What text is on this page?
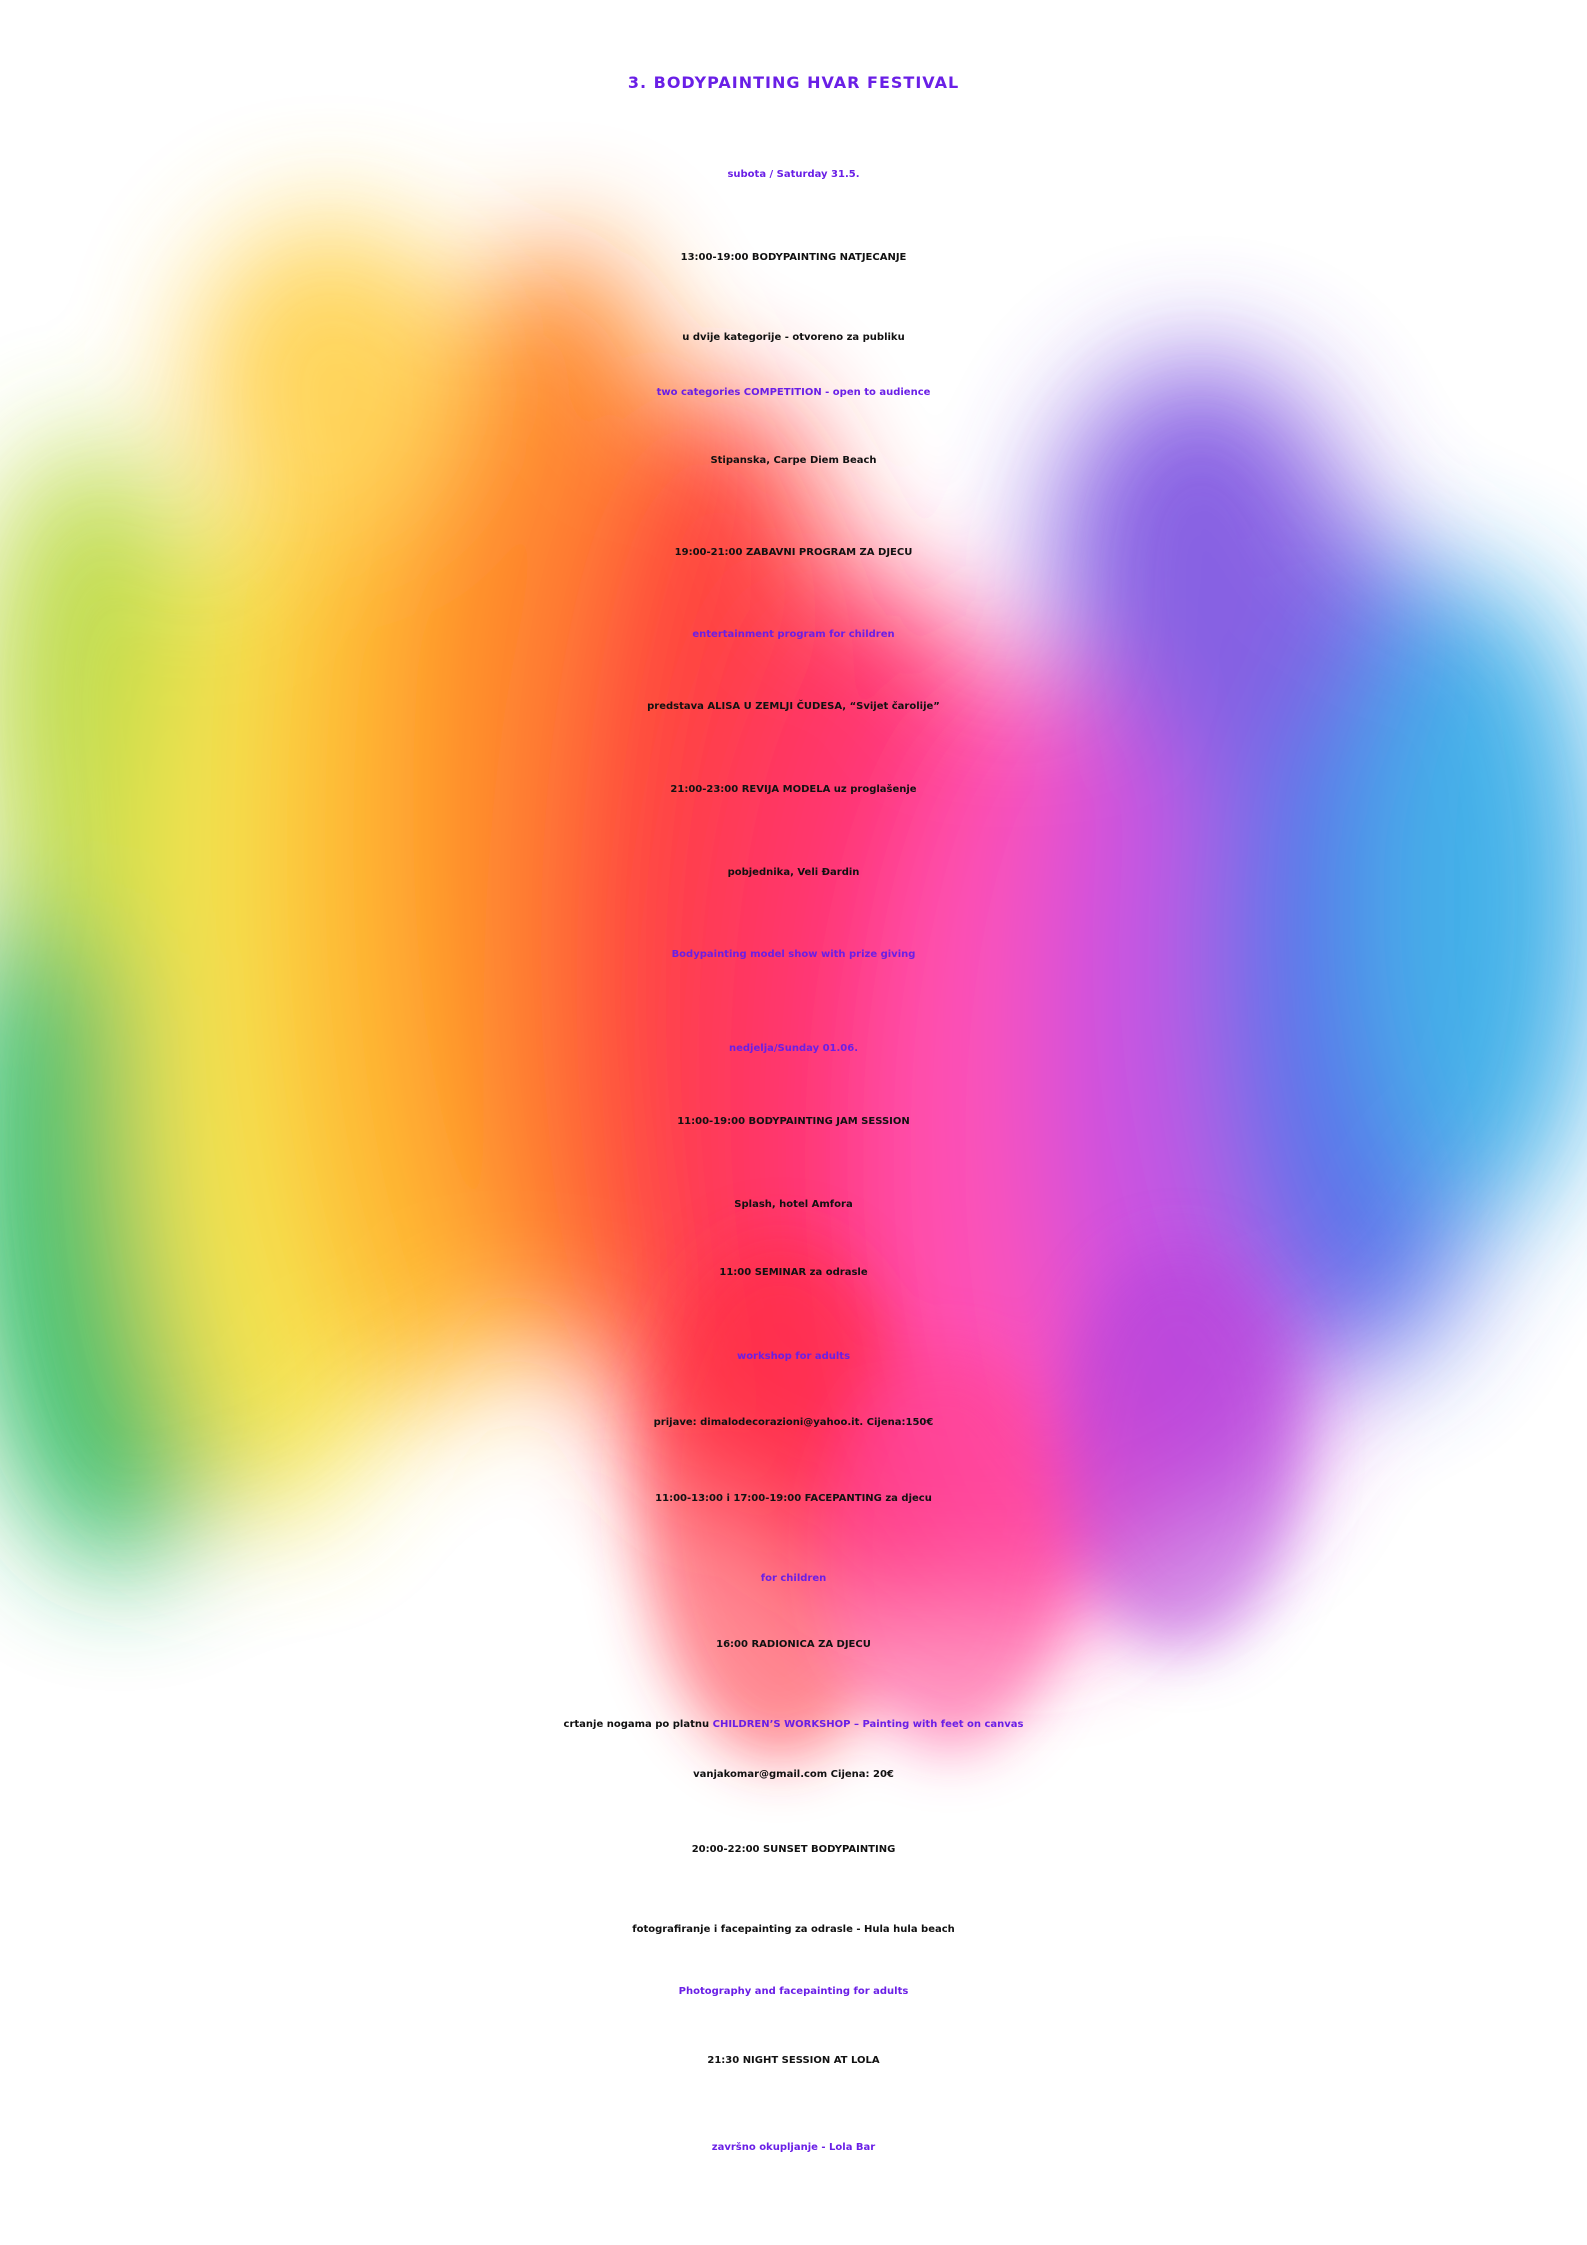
3. BODYPAINTING HVAR FESTIVAL
subota / Saturday 31.5.
13:00-19:00 BODYPAINTING NATJECANJE
u dvije kategorije - otvoreno za publiku
two categories COMPETITION - open to audience
Stipanska, Carpe Diem Beach
19:00-21:00 ZABAVNI PROGRAM ZA DJECU
entertainment program for children
predstava ALISA U ZEMLJI ČUDESA, “Svijet čarolije”
21:00-23:00 REVIJA MODELA uz proglašenje
pobjednika, Veli Đardin
Bodypainting model show with prize giving
nedjelja/Sunday 01.06.
11:00-19:00 BODYPAINTING JAM SESSION
Splash, hotel Amfora
11:00 SEMINAR za odrasle
workshop for adults
prijave: dimalodecorazioni@yahoo.it. Cijena:150€
11:00-13:00 i 17:00-19:00 FACEPANTING za djecu
for children
16:00 RADIONICA ZA DJECU
crtanje nogama po platnu CHILDREN’S WORKSHOP – Painting with feet on canvas
vanjakomar@gmail.com Cijena: 20€
20:00-22:00 SUNSET BODYPAINTING
fotografiranje i facepainting za odrasle - Hula hula beach
Photography and facepainting for adults
21:30 NIGHT SESSION AT LOLA
završno okupljanje - Lola Bar
